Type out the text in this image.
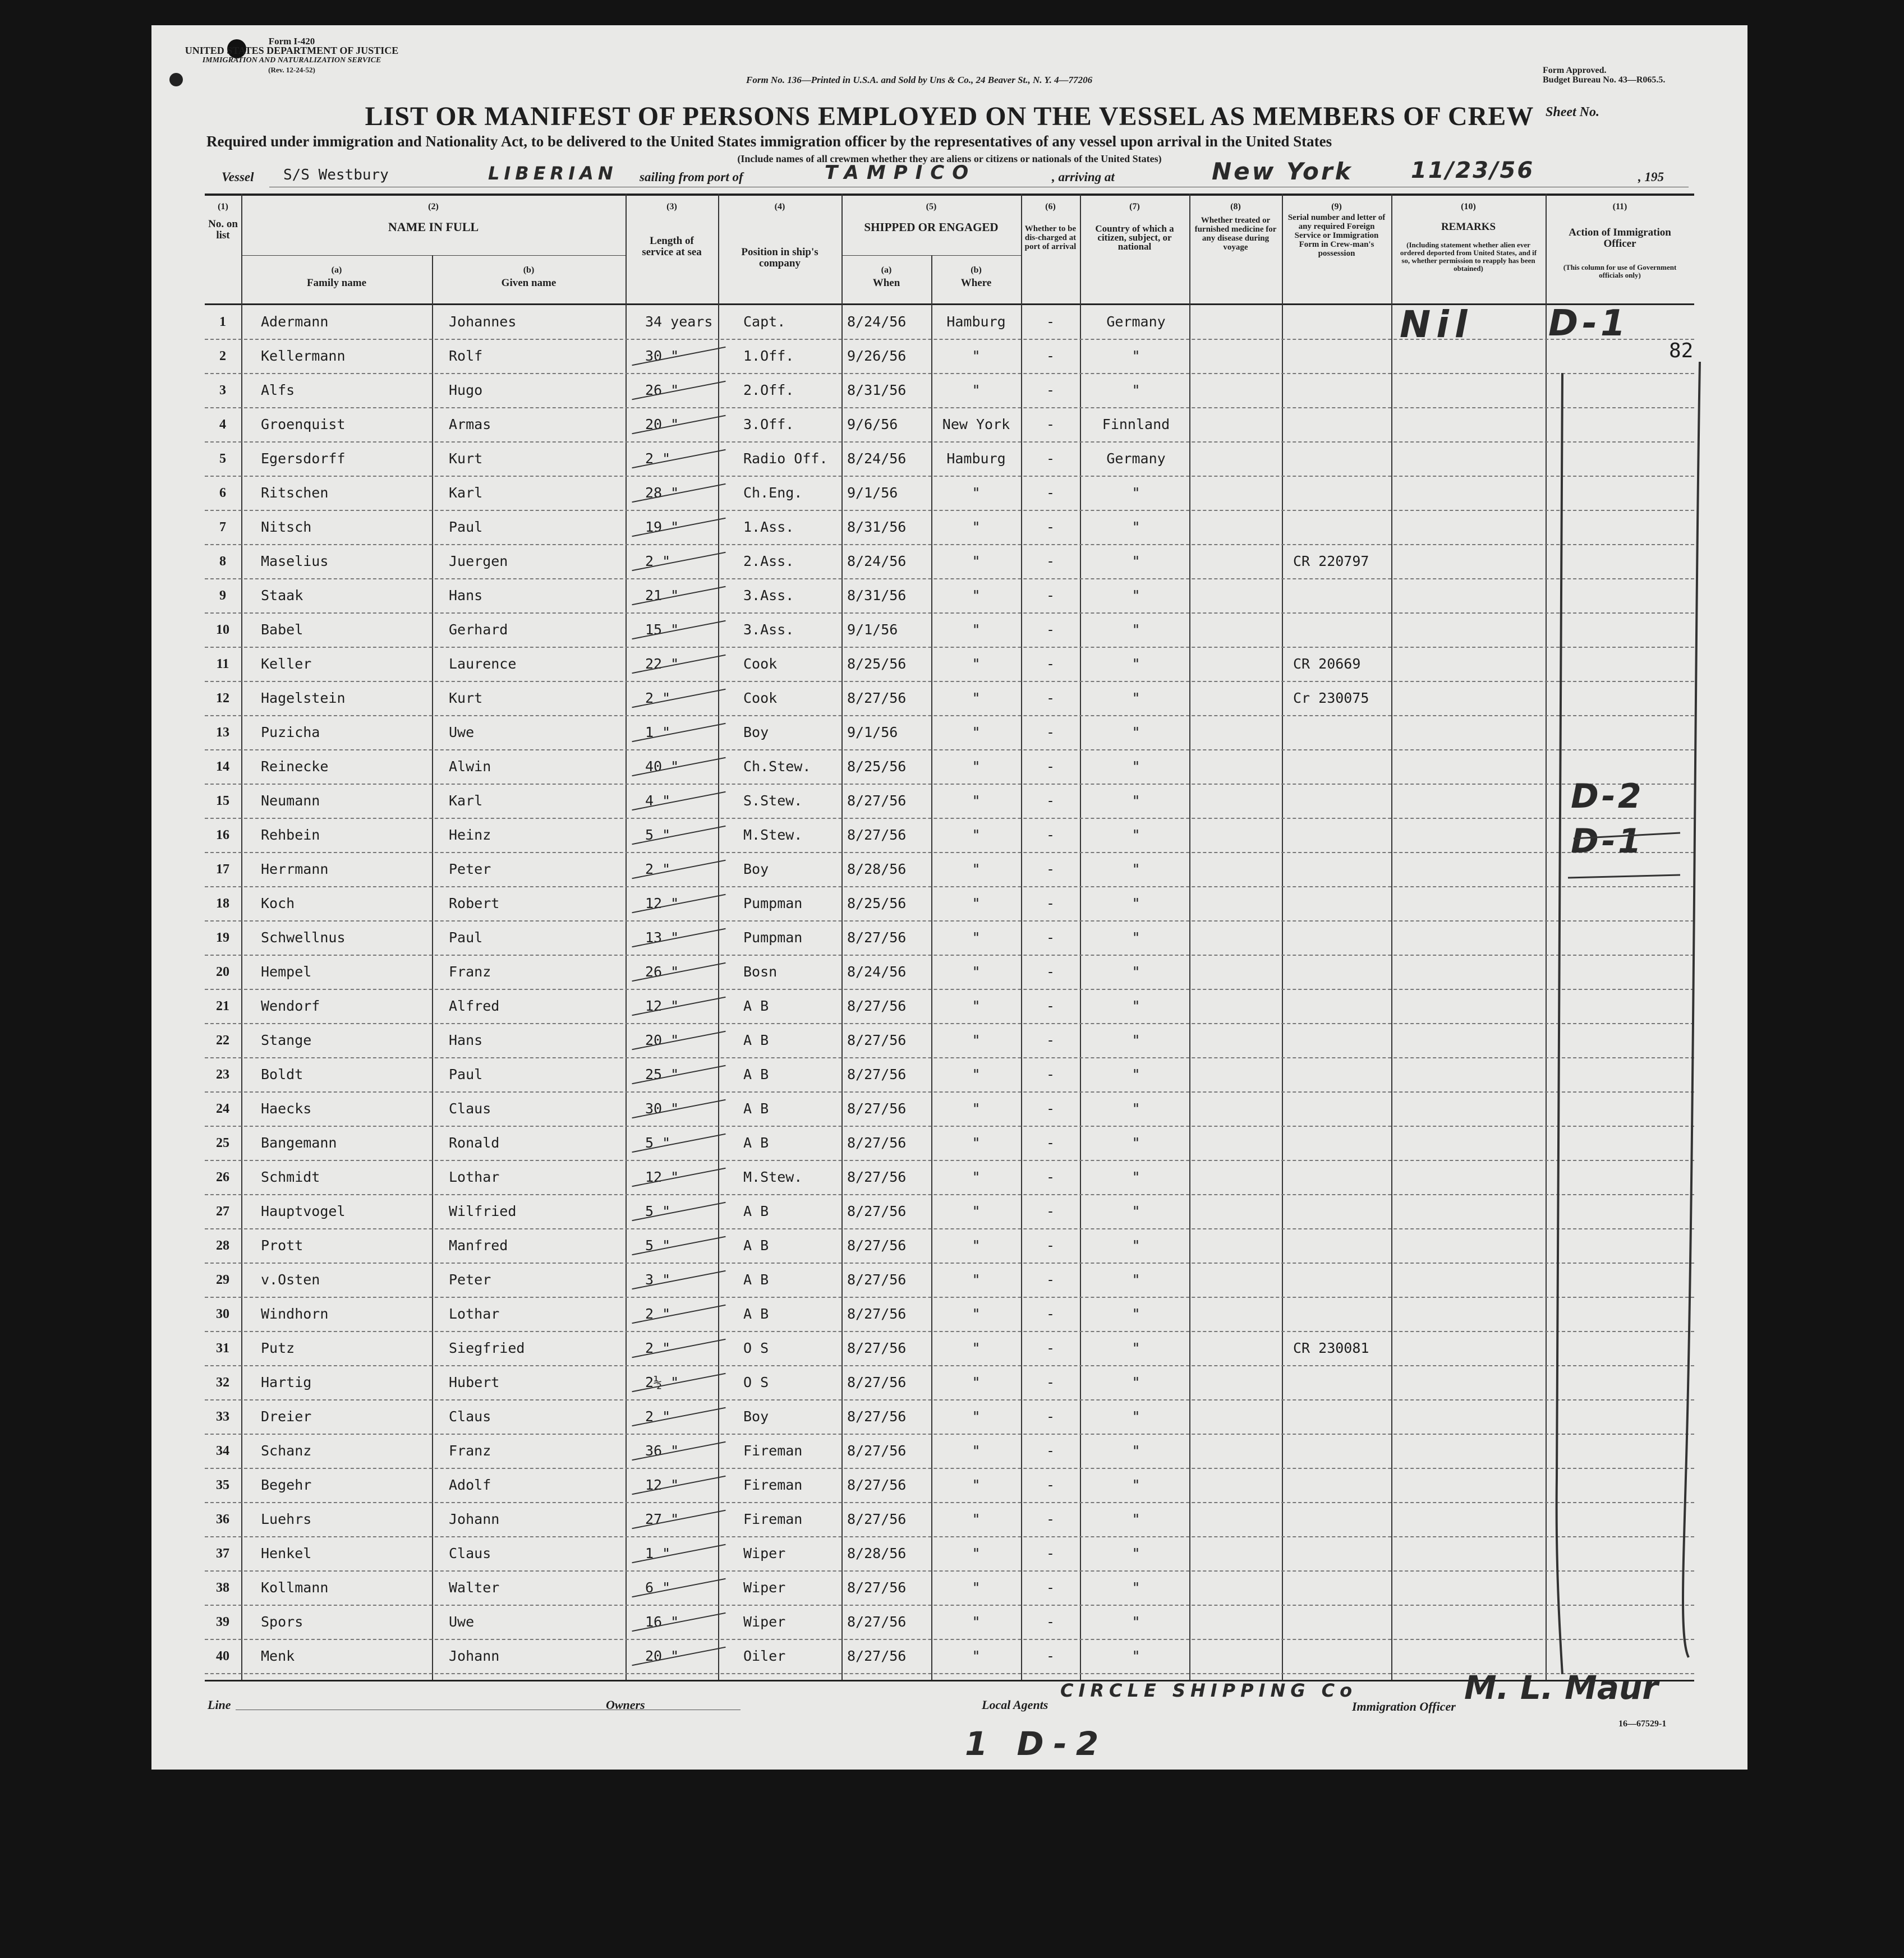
Form I-420
UNITED STATES DEPARTMENT OF JUSTICE
IMMIGRATION AND NATURALIZATION SERVICE
(Rev. 12-24-52)
Form No. 136—Printed in U.S.A. and Sold by Uns & Co., 24 Beaver St., N. Y. 4—77206
Form Approved.
Budget Bureau No. 43—R065.5.
LIST OR MANIFEST OF PERSONS EMPLOYED ON THE VESSEL AS MEMBERS OF CREW Sheet No.
Required under immigration and Nationality Act, to be delivered to the United States immigration officer by the representatives of any vessel upon arrival in the United States
(Include names of all crewmen whether they are aliens or citizens or nationals of the United States)
Vessel S/S Westbury	LIBERIAN sailing from port of	TAMPICO	, arriving at	New York	11/23/56	, 195
(1)
No. on list
(2)
NAME IN FULL
(a)
Family name
(b)
Given name
(3)
Length of service at sea
(4)
Position in ship's company
(5)
SHIPPED OR ENGAGED
(a)
When
(b)
Where
(6)
Whether to be dis-charged at port of arrival
(7)
Country of which a citizen, subject, or national
(8)
Whether treated or furnished medicine for any disease during voyage
(9)
Serial number and letter of any required Foreign Service or Immigration Form in Crew-man's possession
(10)
REMARKS
(Including statement whether alien ever ordered deported from United States, and if so, whether permission to reapply has been obtained)
(11)
Action of Immigration Officer
(This column for use of Government officials only)
1	Adermann	Johannes	34 years Capt.	8/24/56	Hamburg	-	Germany
2	Kellermann	Rolf	30 "	1.Off.	9/26/56	"	-	"
3	Alfs	Hugo	26 "	2.Off.	8/31/56	"	-	"
4	Groenquist	Armas	20 "	3.Off.	9/6/56	New York	-	Finnland
5	Egersdorff	Kurt	2 "	Radio Off. 8/24/56	Hamburg	-	Germany
6	Ritschen	Karl	28 "	Ch.Eng.	9/1/56	"	-	"
7	Nitsch	Paul	19 "	1.Ass.	8/31/56	"	-	"
8	Maselius	Juergen	2 "	2.Ass.	8/24/56	"	-	"	CR 220797
9	Staak	Hans	21 "	3.Ass.	8/31/56	"	-	"
10	Babel	Gerhard	15 "	3.Ass.	9/1/56	"	-	"
11	Keller	Laurence	22 "	Cook	8/25/56	"	-	"	CR 20669
12	Hagelstein	Kurt	2 "	Cook	8/27/56	"	-	"	Cr 230075
13	Puzicha	Uwe	1 "	Boy	9/1/56	"	-	"
14	Reinecke	Alwin	40 "	Ch.Stew.	8/25/56	"	-	"
15	Neumann	Karl	4 "	S.Stew.	8/27/56	"	-	"
16	Rehbein	Heinz	5 "	M.Stew.	8/27/56	"	-	"
17	Herrmann	Peter	2 "	Boy	8/28/56	"	-	"
18	Koch	Robert	12 "	Pumpman	8/25/56	"	-	"
19	Schwellnus	Paul	13 "	Pumpman	8/27/56	"	-	"
20	Hempel	Franz	26 "	Bosn	8/24/56	"	-	"
21	Wendorf	Alfred	12 "	A B	8/27/56	"	-	"
22	Stange	Hans	20 "	A B	8/27/56	"	-	"
23	Boldt	Paul	25 "	A B	8/27/56	"	-	"
24	Haecks	Claus	30 "	A B	8/27/56	"	-	"
25	Bangemann	Ronald	5 "	A B	8/27/56	"	-	"
26	Schmidt	Lothar	12 "	M.Stew.	8/27/56	"	-	"
27	Hauptvogel	Wilfried	5 "	A B	8/27/56	"	-	"
28	Prott	Manfred	5 "	A B	8/27/56	"	-	"
29	v.Osten	Peter	3 "	A B	8/27/56	"	-	"
30	Windhorn	Lothar	2 "	A B	8/27/56	"	-	"
31	Putz	Siegfried	2 "	O S	8/27/56	"	-	"	CR 230081
32	Hartig	Hubert	2½ "	O S	8/27/56	"	-	"
33	Dreier	Claus	2 "	Boy	8/27/56	"	-	"
34	Schanz	Franz	36 "	Fireman	8/27/56	"	-	"
35	Begehr	Adolf	12 "	Fireman	8/27/56	"	-	"
36	Luehrs	Johann	27 "	Fireman	8/27/56	"	-	"
37	Henkel	Claus	1 "	Wiper	8/28/56	"	-	"
38	Kollmann	Walter	6 "	Wiper	8/27/56	"	-	"
39	Spors	Uwe	16 "	Wiper	8/27/56	"	-	"
40	Menk	Johann	20 "	Oiler	8/27/56	"	-	"
Nil D-1
82
D-2
D-1
Line	Owners	Local Agents
CIRCLE SHIPPING Co
Immigration Officer M. L. Maur
16—67529-1
1 D-2
